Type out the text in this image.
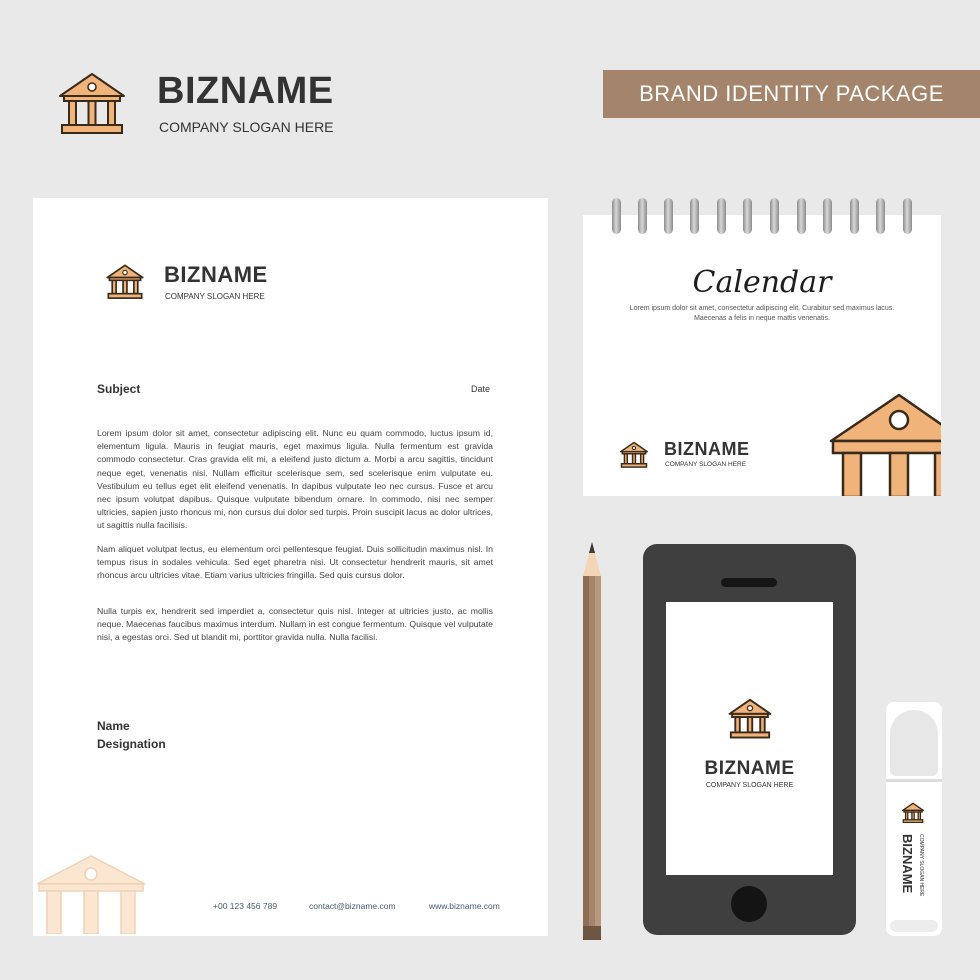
BIZNAME
COMPANY SLOGAN HERE
BRAND IDENTITY PACKAGE
BIZNAME
COMPANY SLOGAN HERE
Subject	Date
Lorem ipsum dolor sit amet, consectetur adipiscing elit. Nunc eu quam commodo, luctus ipsum id, elementum ligula. Mauris in feugiat mauris, eget maximus ligula. Nulla fermentum est gravida commodo consectetur. Cras gravida elit mi, a eleifend justo dictum a. Morbi a arcu sagittis, tincidunt neque eget, venenatis nisi. Nullam efficitur scelerisque sem, sed scelerisque enim vulputate eu. Vestibulum eu tellus eget elit eleifend venenatis. In dapibus vulputate leo nec cursus. Fusce et arcu nec ipsum volutpat dapibus. Quisque vulputate bibendum ornare. In commodo, nisi nec semper ultricies, sapien justo rhoncus mi, non cursus dui dolor sed turpis. Proin suscipit lacus ac dolor ultrices, ut sagittis nulla facilisis.
Nam aliquet volutpat lectus, eu elementum orci pellentesque feugiat. Duis sollicitudin maximus nisl. In tempus risus in sodales vehicula. Sed eget pharetra nisi. Ut consectetur hendrerit mauris, sit amet rhoncus arcu ultricies vitae. Etiam varius ultricies fringilla. Sed quis cursus dolor.
Nulla turpis ex, hendrerit sed imperdiet a, consectetur quis nisl. Integer at ultricies justo, ac mollis neque. Maecenas faucibus maximus interdum. Nullam in est congue fermentum. Quisque vel vulputate nisi, a egestas orci. Sed ut blandit mi, porttitor gravida nulla. Nulla facilisi.
Name
Designation
+00 123 456 789	contact@bizname.com	www.bizname.com
Calendar
Lorem ipsum dolor sit amet, consectetur adipiscing elit. Curabitur sed maximus lacus. Maecenas a felis in neque mattis venenatis.
BIZNAME
COMPANY SLOGAN HERE
BIZNAME
COMPANY SLOGAN HERE
BIZNAME COMPANY SLOGAN HERE
